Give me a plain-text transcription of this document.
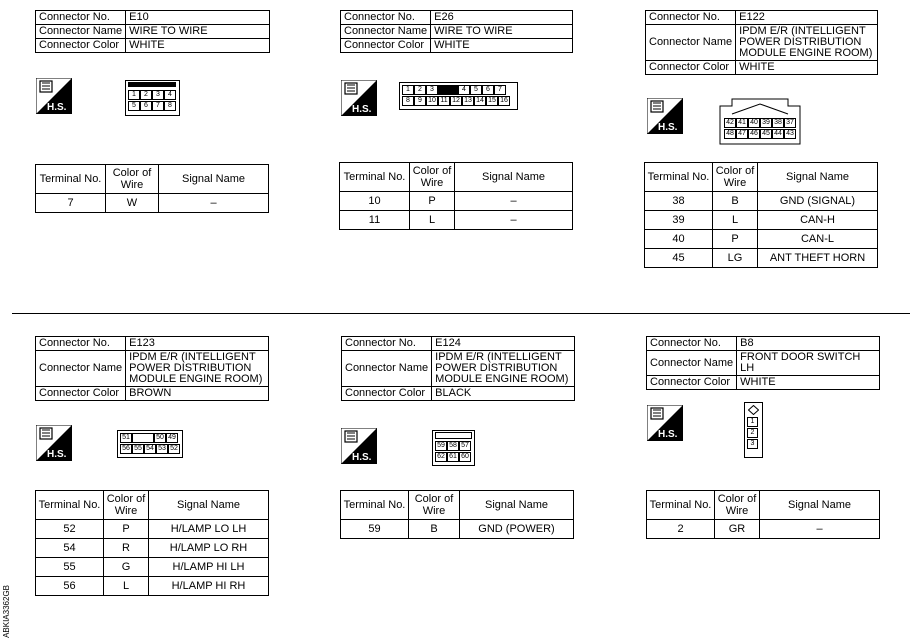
Connector No.	E10
Connector Name	WIRE TO WIRE
Connector Color	WHITE
H.S.
1	2	3	4
5	6	7	8
Terminal No.	Color of Wire	Signal Name
7	W	–
Connector No.	E26
Connector Name	WIRE TO WIRE
Connector Color	WHITE
H.S.
1	2	3	4	5	6	7
8	9 10 11 12 13 14 15 16
Terminal No.	Color of Wire	Signal Name
10	P	–
11	L	–
Connector No.	E122
Connector Name	IPDM E/R (INTELLIGENT POWER DISTRIBUTION MODULE ENGINE ROOM)
Connector Color	WHITE
H.S.	42 41 40 39 38 37
48 47 46 45 44 43
Terminal No.	Color of Wire	Signal Name
38	B	GND (SIGNAL)
39	L	CAN-H
40	P	CAN-L
45	LG	ANT THEFT HORN
Connector No.	E123
Connector Name	IPDM E/R (INTELLIGENT POWER DISTRIBUTION MODULE ENGINE ROOM)
Connector Color	BROWN
H.S.
51	50 49
56 55 54 53 52
Terminal No.	Color of Wire	Signal Name
52	P	H/LAMP LO LH
54	R	H/LAMP LO RH
55	G	H/LAMP HI LH
56	L	H/LAMP HI RH
Connector No.	E124
Connector Name	IPDM E/R (INTELLIGENT POWER DISTRIBUTION MODULE ENGINE ROOM)
Connector Color	BLACK
H.S.
59 58 57
62 61 60
Terminal No.	Color of Wire	Signal Name
59	B	GND (POWER)
Connector No.	B8
Connector Name	FRONT DOOR SWITCH LH
Connector Color	WHITE
H.S.
1
2
3
Terminal No.	Color of Wire	Signal Name
2	GR	–
ABKIA3362GB
